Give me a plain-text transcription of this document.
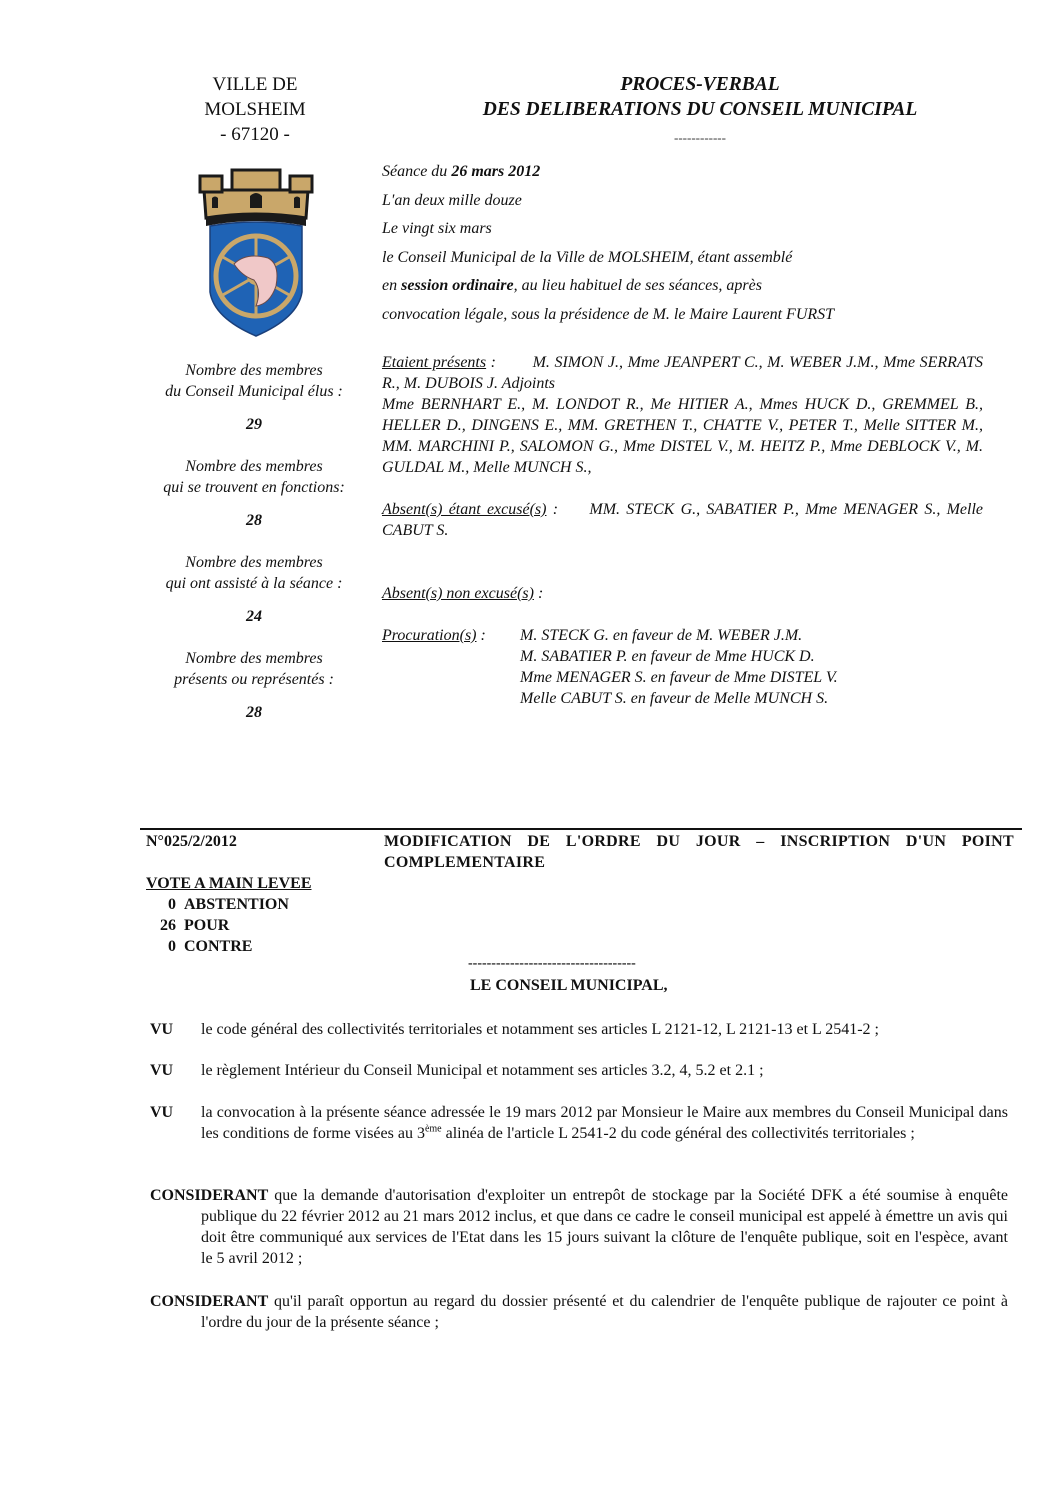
VILLE DE
MOLSHEIM
- 67120 -
PROCES-VERBAL
DES DELIBERATIONS DU CONSEIL MUNICIPAL
------------
Séance du 26 mars 2012
L'an deux mille douze
Le vingt six mars
le Conseil Municipal de la Ville de MOLSHEIM, étant assemblé
en session ordinaire, au lieu habituel de ses séances, après
convocation légale, sous la présidence de M. le Maire Laurent FURST
Nombre des membres
du Conseil Municipal élus :
29
Nombre des membres
qui se trouvent en fonctions:
28
Nombre des membres
qui ont assisté à la séance :
24
Nombre des membres
présents ou représentés :
28

Etaient présents : M. SIMON J., Mme JEANPERT C., M. WEBER J.M., Mme SERRATS R., M. DUBOIS J. Adjoints

Mme BERNHART E., M. LONDOT R., Me HITIER A., Mmes HUCK D., GREMMEL B., HELLER D., DINGENS E., MM. GRETHEN T., CHATTE V., PETER T., Melle SITTER M., MM. MARCHINI P., SALOMON G., Mme DISTEL V., M. HEITZ P., Mme DEBLOCK V., M. GULDAL M., Melle MUNCH S.,

Absent(s) étant excusé(s) : MM. STECK G., SABATIER P., Mme MENAGER S., Melle CABUT S.

Absent(s) non excusé(s) :

Procuration(s) :	M. STECK G. en faveur de M. WEBER J.M.
M. SABATIER P. en faveur de Mme HUCK D.
Mme MENAGER S. en faveur de Mme DISTEL V.
Melle CABUT S. en faveur de Melle MUNCH S.
N°025/2/2012	MODIFICATION DE L'ORDRE DU JOUR – INSCRIPTION D'UN POINT COMPLEMENTAIRE
VOTE A MAIN LEVEE
0 ABSTENTION
26 POUR
0 CONTRE
------------------------------------
LE CONSEIL MUNICIPAL,
VU	le code général des collectivités territoriales et notamment ses articles L 2121-12, L 2121-13 et L 2541-2 ;
VU	le règlement Intérieur du Conseil Municipal et notamment ses articles 3.2, 4, 5.2 et 2.1 ;
VU	la convocation à la présente séance adressée le 19 mars 2012 par Monsieur le Maire aux membres du Conseil Municipal dans les conditions de forme visées au 3ème alinéa de l'article L 2541-2 du code général des collectivités territoriales ;
CONSIDERANT que la demande d'autorisation d'exploiter un entrepôt de stockage par la Société DFK a été soumise à enquête publique du 22 février 2012 au 21 mars 2012 inclus, et que dans ce cadre le conseil municipal est appelé à émettre un avis qui doit être communiqué aux services de l'Etat dans les 15 jours suivant la clôture de l'enquête publique, soit en l'espèce, avant le 5 avril 2012 ;
CONSIDERANT qu'il paraît opportun au regard du dossier présenté et du calendrier de l'enquête publique de rajouter ce point à l'ordre du jour de la présente séance ;
